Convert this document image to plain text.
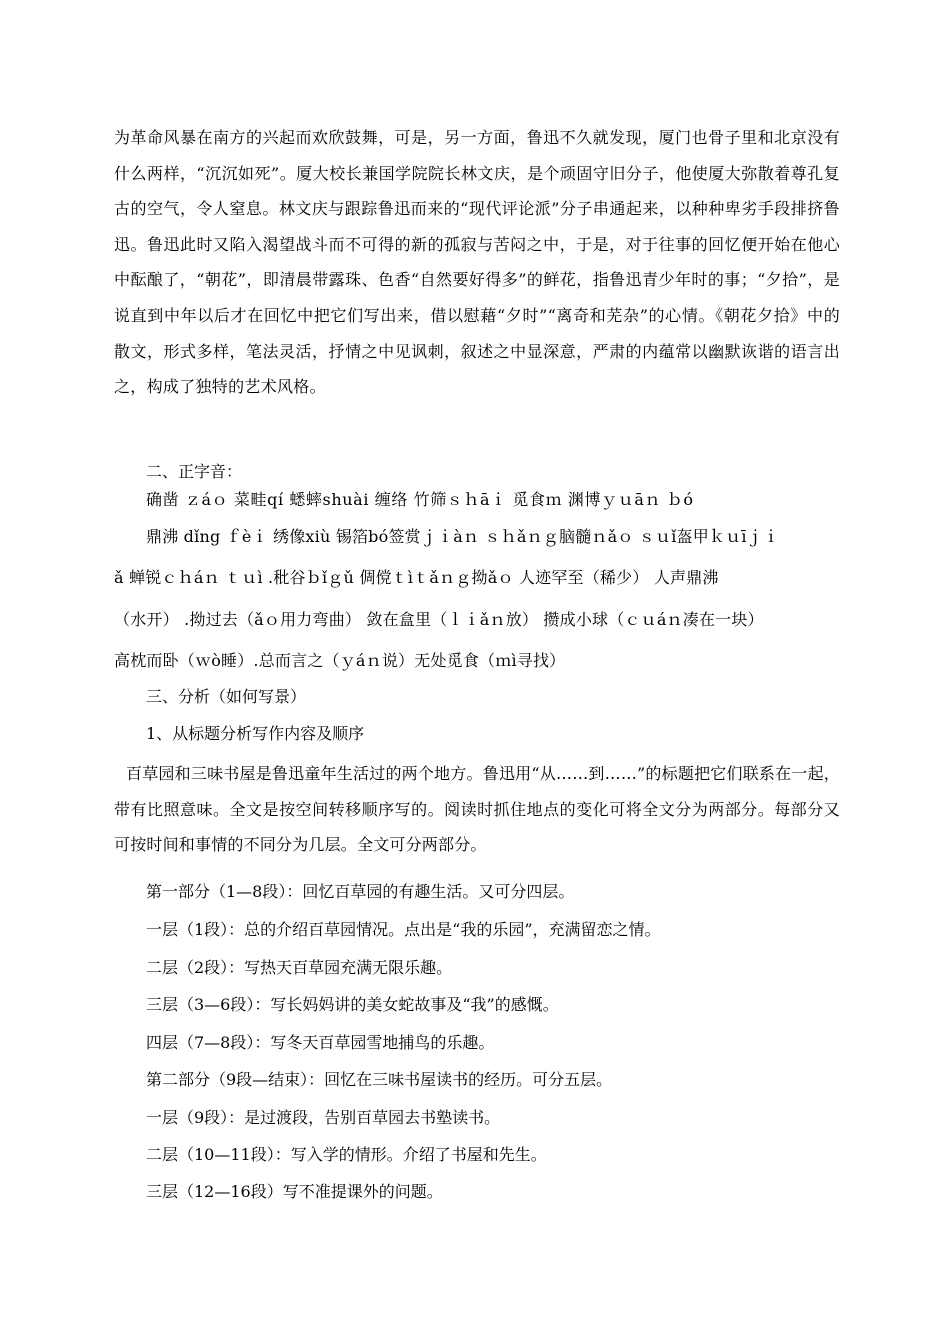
为革命风暴在南方的兴起而欢欣鼓舞，可是，另一方面，鲁迅不久就发现，厦门也骨子里和北京没有什么两样，“沉沉如死”。厦大校长兼国学院院长林文庆，是个顽固守旧分子，他使厦大弥散着尊孔复古的空气，令人窒息。林文庆与跟踪鲁迅而来的“现代评论派”分子串通起来，以种种卑劣手段排挤鲁迅。鲁迅此时又陷入渴望战斗而不可得的新的孤寂与苦闷之中，于是，对于往事的回忆便开始在他心中酝酿了，“朝花”，即清晨带露珠、色香“自然要好得多”的鲜花，指鲁迅青少年时的事；“夕拾”，是说直到中年以后才在回忆中把它们写出来，借以慰藉“夕时”“离奇和芜杂”的心情。《朝花夕拾》中的散文，形式多样，笔法灵活，抒情之中见讽刺，叙述之中显深意，严肃的内蕴常以幽默诙谐的语言出之，构成了独特的艺术风格。

二、正字音：

确凿 ｚáｏ 菜畦qí 蟋蟀shuài 缠络 竹筛ｓｈāｉ 觅食ｍ 渊博ｙｕāｎ ｂó

鼎沸 dǐng ｆèｉ 绣像xiù 锡箔bó签赏ｊｉàｎ ｓｈǎｎｇ脑髓ｎǎｏ ｓｕǐ盔甲ｋｕīｊｉ

ǎ 蝉锐ｃｈáｎ ｔｕì .秕谷ｂǐｇǔ 倜傥ｔìｔǎｎｇ拗ǎｏ 人迹罕至（稀少） 人声鼎沸

（水开） .拗过去（ǎｏ用力弯曲） 敛在盒里（ｌｉǎｎ放） 攒成小球（ｃｕáｎ凑在一块）

高枕而卧（ｗò睡）.总而言之（ｙáｎ说）无处觅食（ｍì寻找）

三、分析（如何写景）

1、从标题分析写作内容及顺序

百草园和三味书屋是鲁迅童年生活过的两个地方。鲁迅用“从……到……”的标题把它们联系在一起，带有比照意味。全文是按空间转移顺序写的。阅读时抓住地点的变化可将全文分为两部分。每部分又可按时间和事情的不同分为几层。全文可分两部分。

第一部分（1—8段）：回忆百草园的有趣生活。又可分四层。

一层（1段）：总的介绍百草园情况。点出是“我的乐园”，充满留恋之情。

二层（2段）：写热天百草园充满无限乐趣。

三层（3—6段）：写长妈妈讲的美女蛇故事及“我”的感慨。

四层（7—8段）：写冬天百草园雪地捕鸟的乐趣。

第二部分（9段—结束）：回忆在三味书屋读书的经历。可分五层。

一层（9段）：是过渡段，告别百草园去书塾读书。

二层（10—11段）：写入学的情形。介绍了书屋和先生。

三层（12—16段）写不准提课外的问题。
